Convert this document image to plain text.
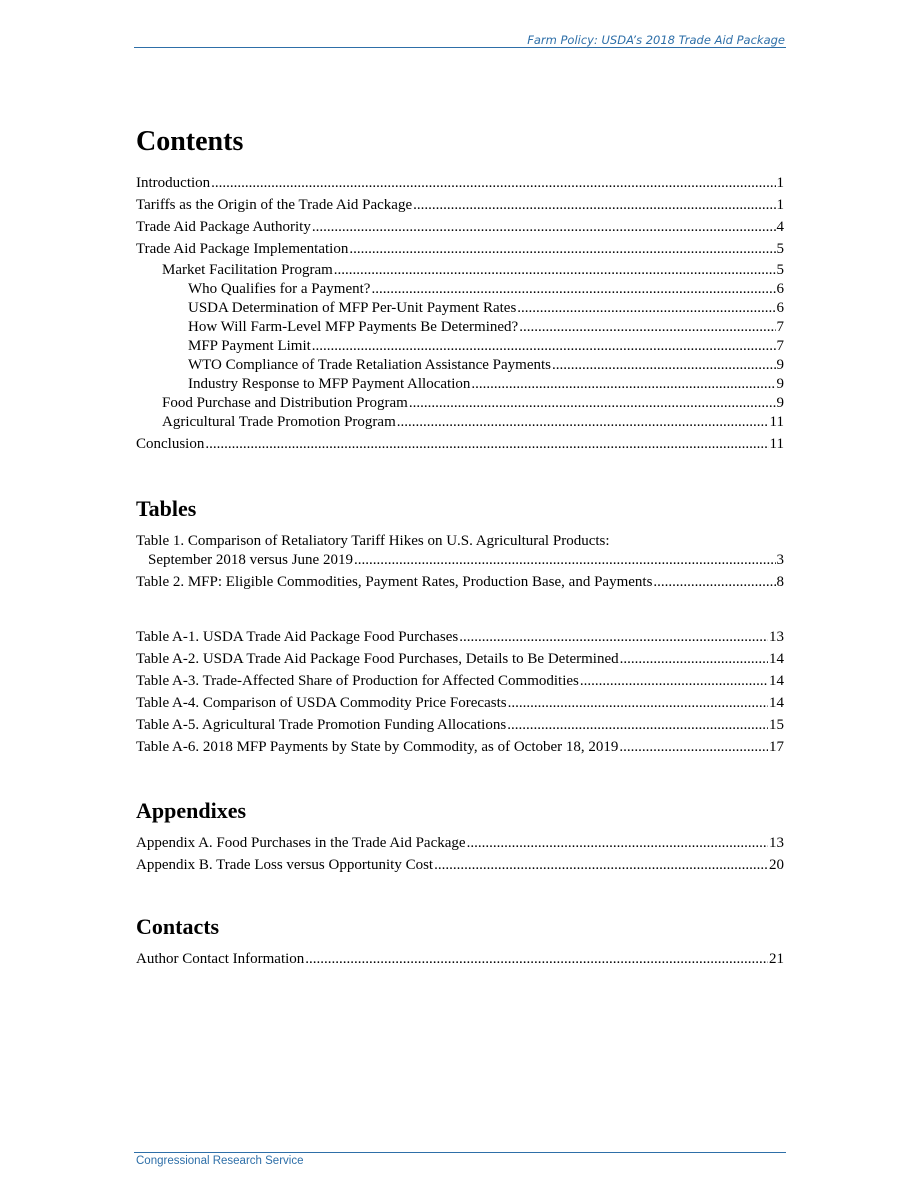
Farm Policy: USDA’s 2018 Trade Aid Package
Contents
Introduction .....	1
Tariffs as the Origin of the Trade Aid Package .....	1
Trade Aid Package Authority .....	4
Trade Aid Package Implementation .....	5
Market Facilitation Program .....	5
Who Qualifies for a Payment? .....	6
USDA Determination of MFP Per-Unit Payment Rates .....	6
How Will Farm-Level MFP Payments Be Determined? .....	7
MFP Payment Limit .....	7
WTO Compliance of Trade Retaliation Assistance Payments .....	9
Industry Response to MFP Payment Allocation .....	9
Food Purchase and Distribution Program .....	9
Agricultural Trade Promotion Program .....	11
Conclusion .....	11
Tables
Table 1. Comparison of Retaliatory Tariff Hikes on U.S. Agricultural Products:
September 2018 versus June 2019 .....	3
Table 2. MFP: Eligible Commodities, Payment Rates, Production Base, and Payments .....	8
Table A-1. USDA Trade Aid Package Food Purchases .....	13
Table A-2. USDA Trade Aid Package Food Purchases, Details to Be Determined .....	14
Table A-3. Trade-Affected Share of Production for Affected Commodities .....	14
Table A-4. Comparison of USDA Commodity Price Forecasts .....	14
Table A-5. Agricultural Trade Promotion Funding Allocations .....	15
Table A-6. 2018 MFP Payments by State by Commodity, as of October 18, 2019 .....	17
Appendixes
Appendix A. Food Purchases in the Trade Aid Package .....	13
Appendix B. Trade Loss versus Opportunity Cost .....	20
Contacts
Author Contact Information .....	21
Congressional Research Service
